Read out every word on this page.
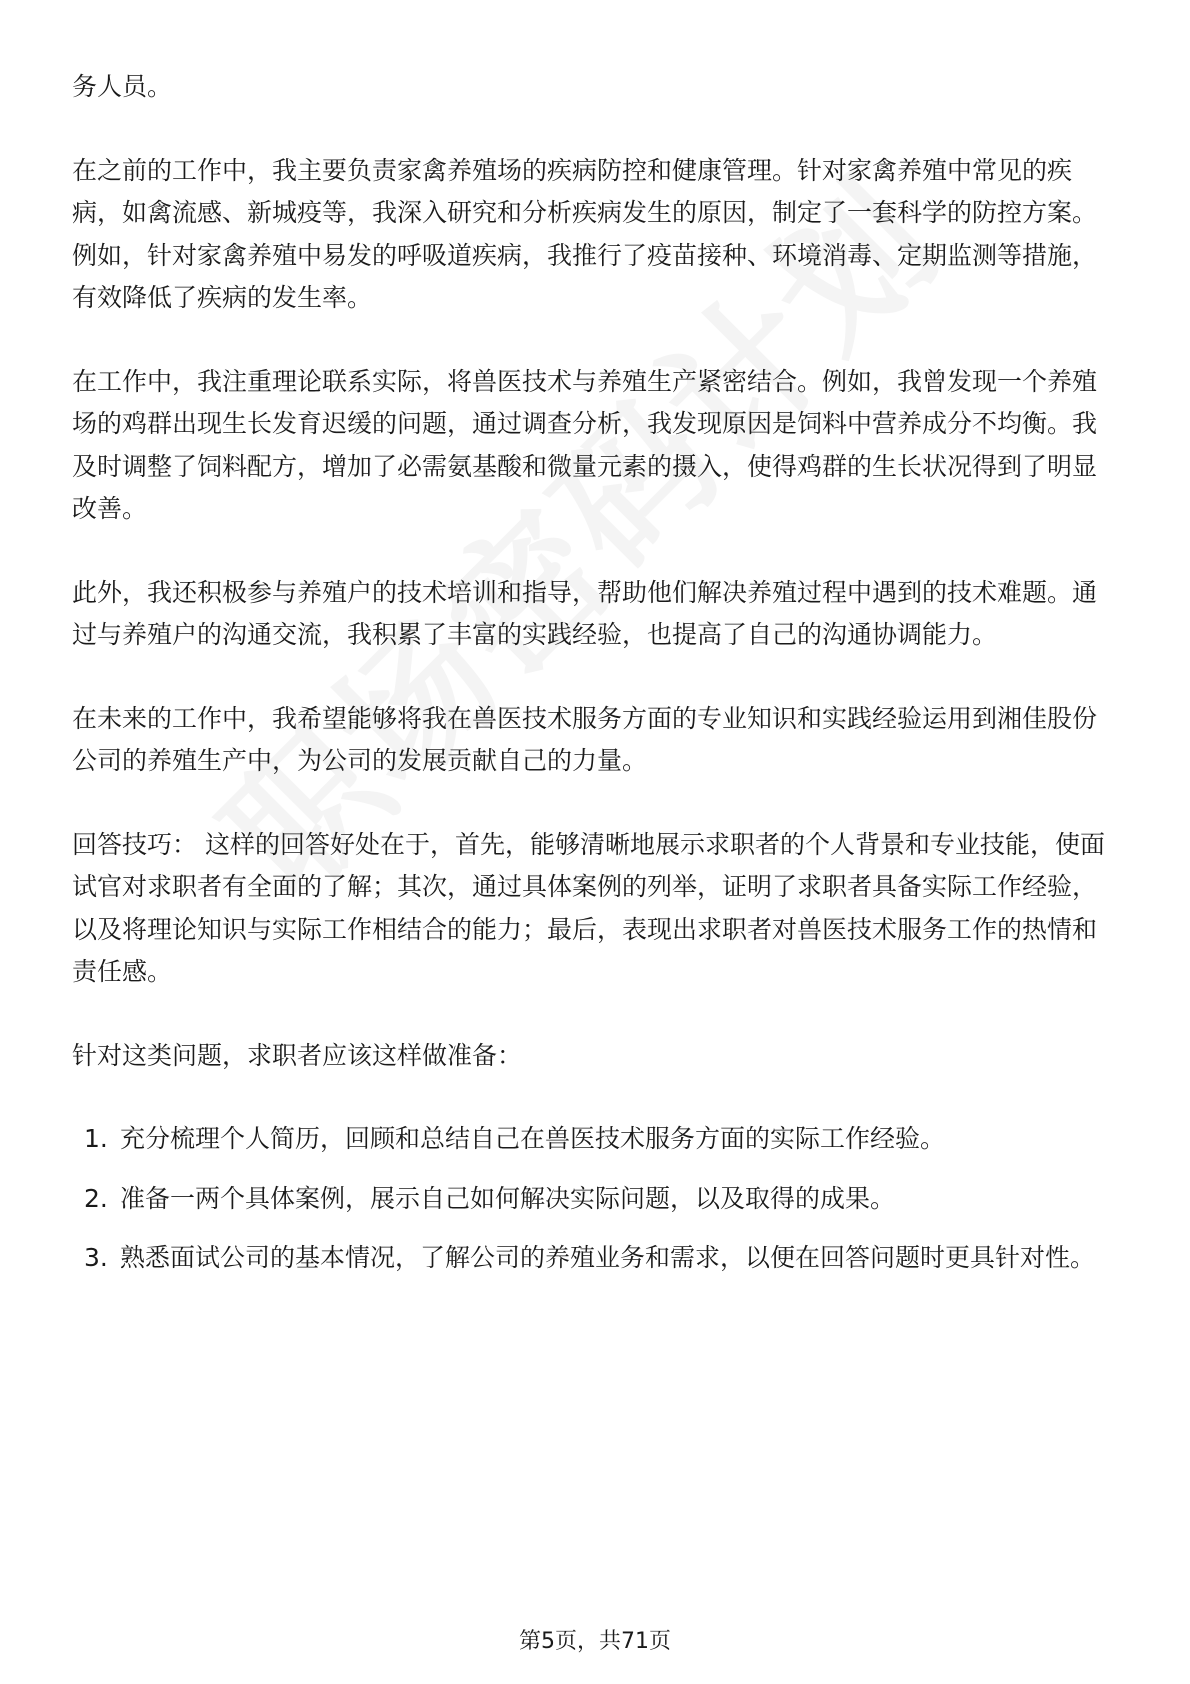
务人员。

在之前的工作中，我主要负责家禽养殖场的疾病防控和健康管理。针对家禽养殖中常见的疾病，如禽流感、新城疫等，我深入研究和分析疾病发生的原因，制定了一套科学的防控方案。例如，针对家禽养殖中易发的呼吸道疾病，我推行了疫苗接种、环境消毒、定期监测等措施，有效降低了疾病的发生率。

在工作中，我注重理论联系实际，将兽医技术与养殖生产紧密结合。例如，我曾发现一个养殖场的鸡群出现生长发育迟缓的问题，通过调查分析，我发现原因是饲料中营养成分不均衡。我及时调整了饲料配方，增加了必需氨基酸和微量元素的摄入，使得鸡群的生长状况得到了明显改善。

此外，我还积极参与养殖户的技术培训和指导，帮助他们解决养殖过程中遇到的技术难题。通过与养殖户的沟通交流，我积累了丰富的实践经验，也提高了自己的沟通协调能力。

在未来的工作中，我希望能够将我在兽医技术服务方面的专业知识和实践经验运用到湘佳股份公司的养殖生产中，为公司的发展贡献自己的力量。

回答技巧： 这样的回答好处在于，首先，能够清晰地展示求职者的个人背景和专业技能，使面试官对求职者有全面的了解；其次，通过具体案例的列举，证明了求职者具备实际工作经验，以及将理论知识与实际工作相结合的能力；最后，表现出求职者对兽医技术服务工作的热情和责任感。

针对这类问题，求职者应该这样做准备：

1. 充分梳理个人简历，回顾和总结自己在兽医技术服务方面的实际工作经验。
2. 准备一两个具体案例，展示自己如何解决实际问题，以及取得的成果。
3. 熟悉面试公司的基本情况，了解公司的养殖业务和需求，以便在回答问题时更具针对性。
第5页，共71页
